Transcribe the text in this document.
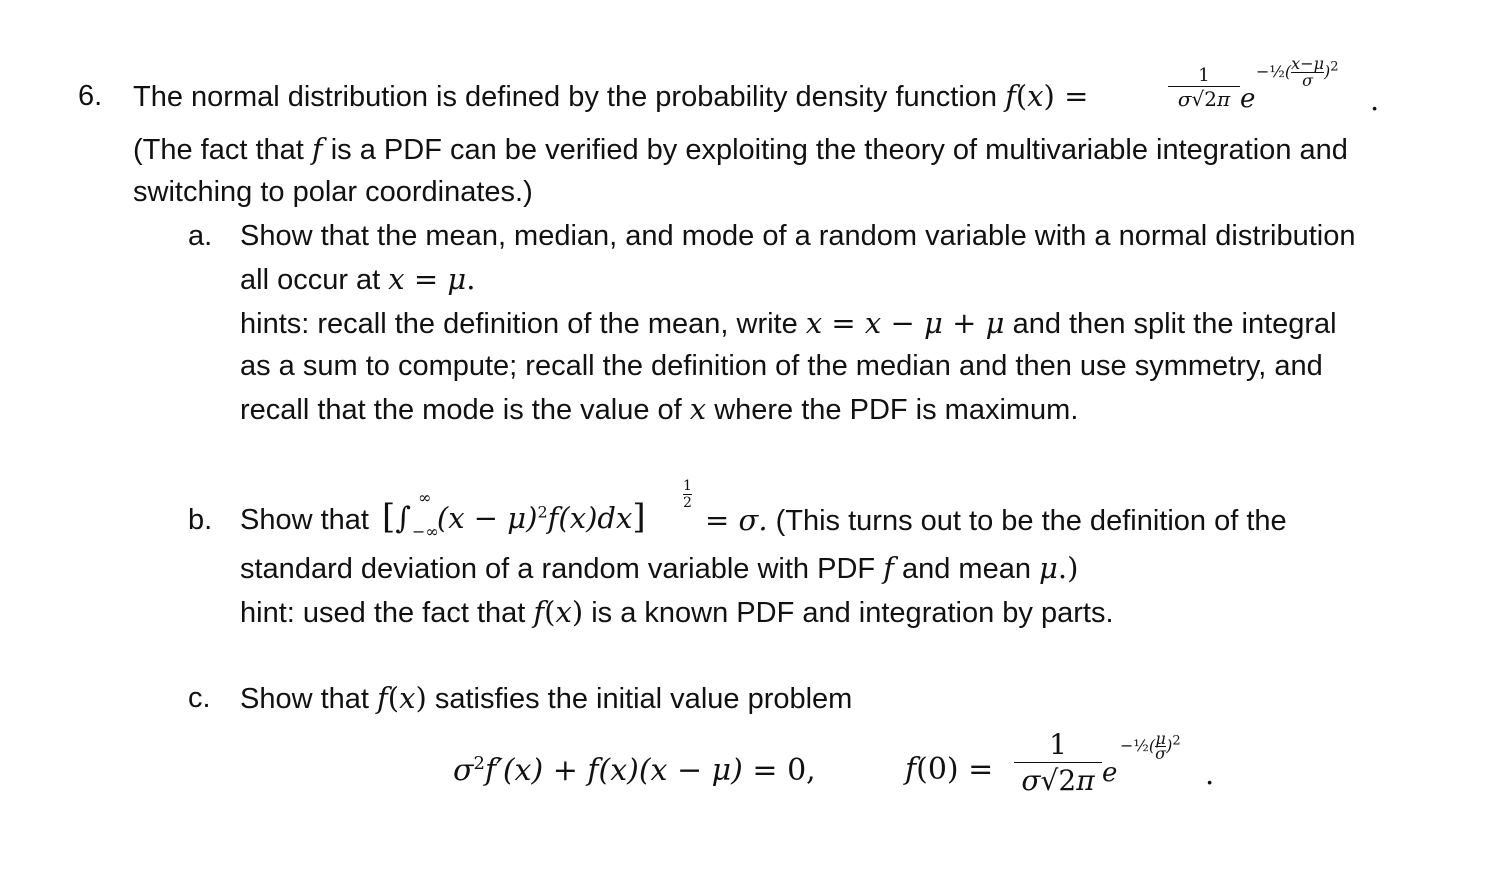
6. The normal distribution is defined by the probability density function f(x) =
1
σ√2π e
−½( $\frac{x-\mu}{\sigma} )^2$
.
(The fact that f is a PDF can be verified by exploiting the theory of multivariable integration and
switching to polar coordinates.)
a. Show that the mean, median, and mode of a random variable with a normal distribution
all occur at x = μ.
hints: recall the definition of the mean, write x = x − μ + μ and then split the integral
as a sum to compute; recall the definition of the median and then use symmetry, and
recall that the mode is the value of x where the PDF is maximum.
b. Show that [∫
∞
−∞
$(x - \mu)^2f(x)dx$]
1
2 = σ. (This turns out to be the definition of the
standard deviation of a random variable with PDF f and mean μ.)
hint: used the fact that f(x) is a known PDF and integration by parts.
c. Show that f(x) satisfies the initial value problem
$\sigma^2f'(x) + f(x)(x - \mu) = 0$,	f(0) =
1
σ√2π e
−½( $\frac{\mu}{\sigma} )^2$
.
